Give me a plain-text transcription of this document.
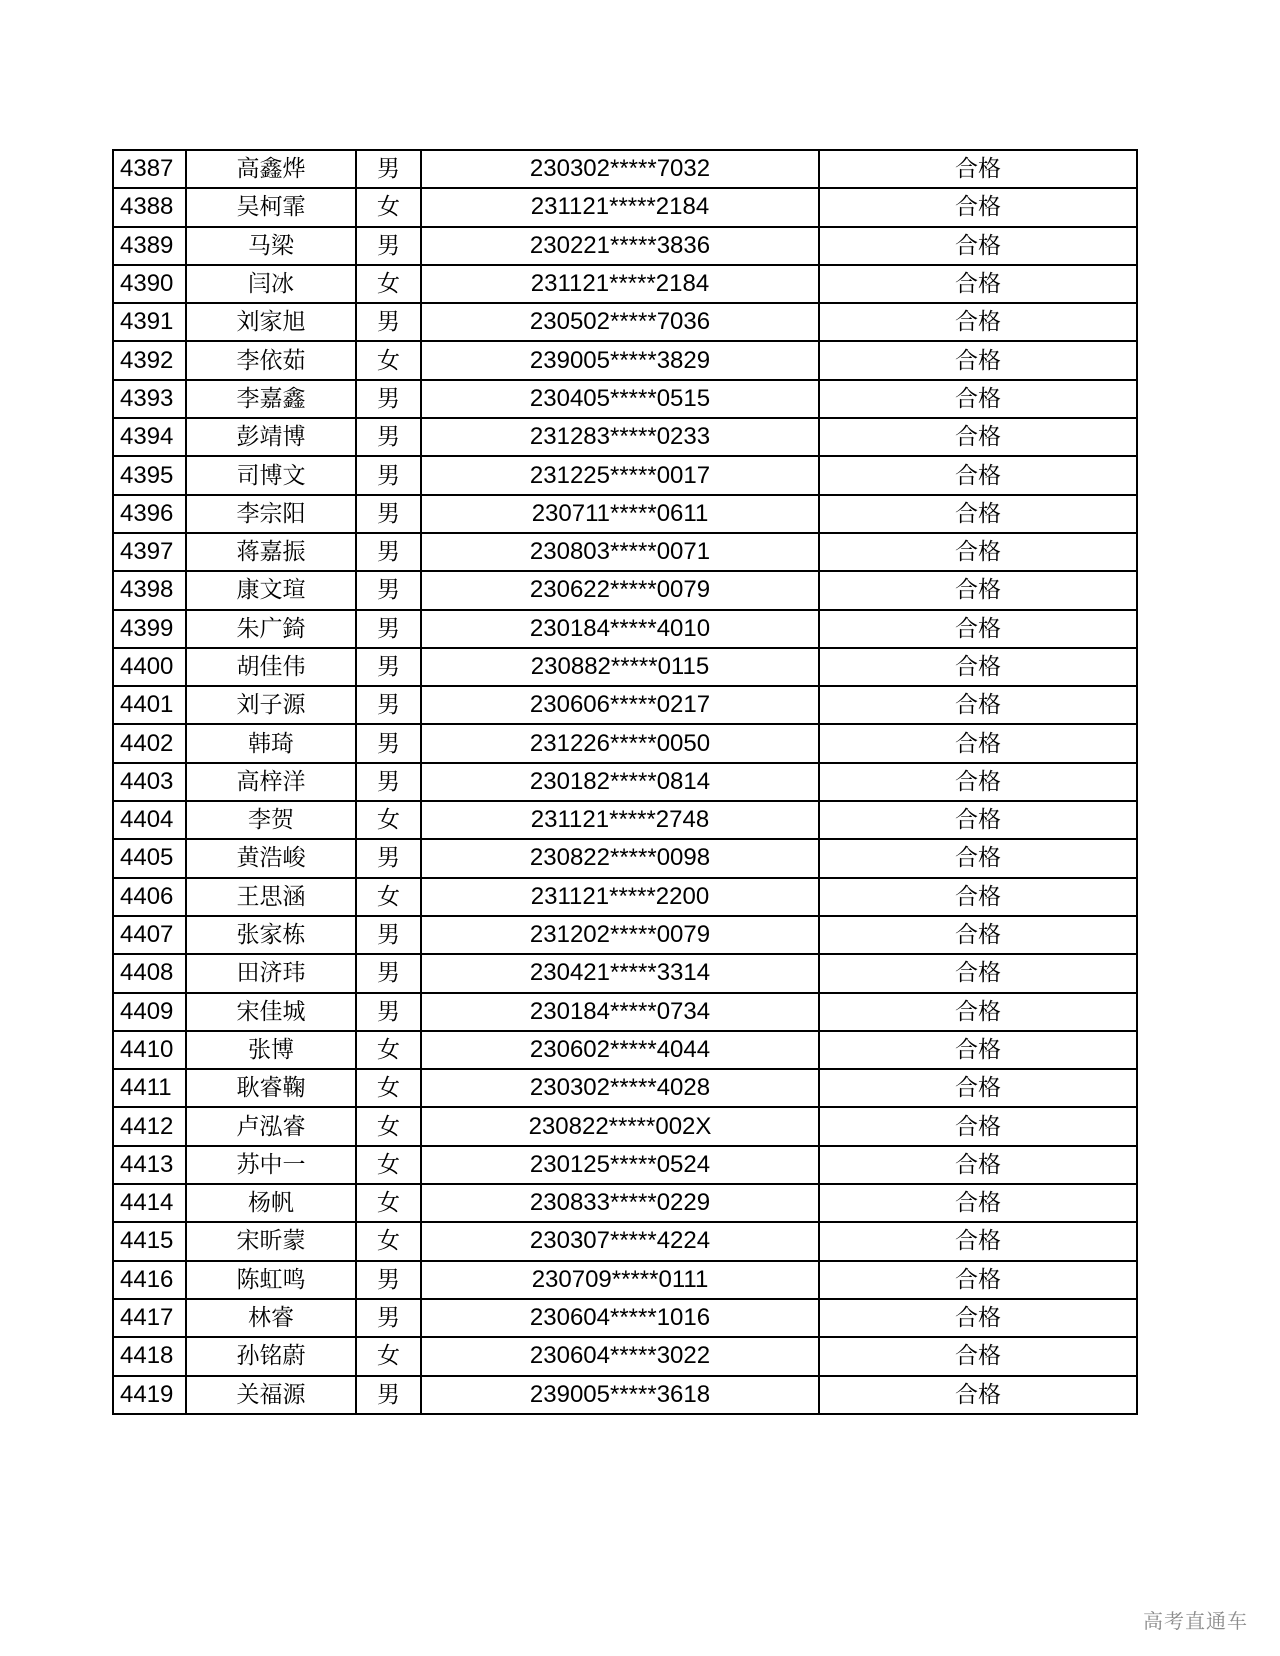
4387	高鑫烨	男	230302*****7032	合格
4388	吴柯霏	女	231121*****2184	合格
4389	马梁	男	230221*****3836	合格
4390	闫冰	女	231121*****2184	合格
4391	刘家旭	男	230502*****7036	合格
4392	李依茹	女	239005*****3829	合格
4393	李嘉鑫	男	230405*****0515	合格
4394	彭靖博	男	231283*****0233	合格
4395	司博文	男	231225*****0017	合格
4396	李宗阳	男	230711*****0611	合格
4397	蒋嘉振	男	230803*****0071	合格
4398	康文瑄	男	230622*****0079	合格
4399	朱广錡	男	230184*****4010	合格
4400	胡佳伟	男	230882*****0115	合格
4401	刘子源	男	230606*****0217	合格
4402	韩琦	男	231226*****0050	合格
4403	高梓洋	男	230182*****0814	合格
4404	李贺	女	231121*****2748	合格
4405	黄浩峻	男	230822*****0098	合格
4406	王思涵	女	231121*****2200	合格
4407	张家栋	男	231202*****0079	合格
4408	田济玮	男	230421*****3314	合格
4409	宋佳城	男	230184*****0734	合格
4410	张博	女	230602*****4044	合格
4411	耿睿鞠	女	230302*****4028	合格
4412	卢泓睿	女	230822*****002X	合格
4413	苏中一	女	230125*****0524	合格
4414	杨帆	女	230833*****0229	合格
4415	宋昕蒙	女	230307*****4224	合格
4416	陈虹鸣	男	230709*****0111	合格
4417	林睿	男	230604*****1016	合格
4418	孙铭蔚	女	230604*****3022	合格
4419	关福源	男	239005*****3618	合格
高考直通车
